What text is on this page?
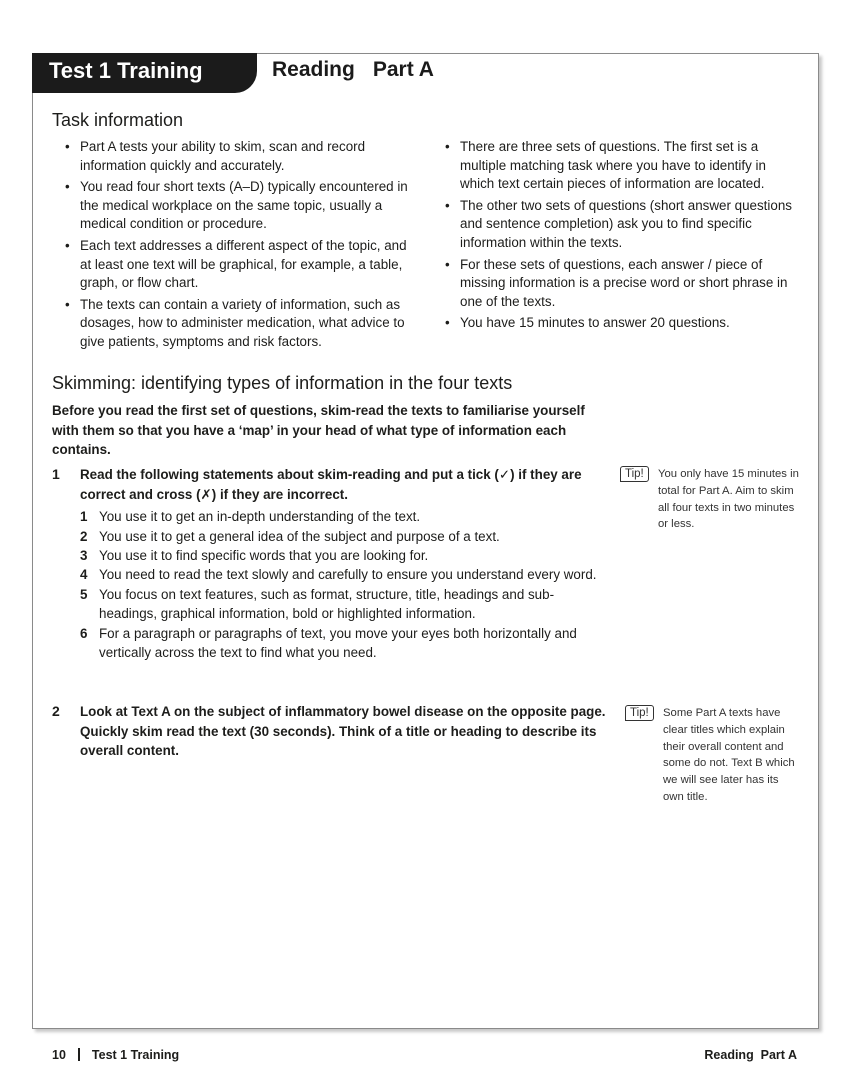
Test 1 Training	Reading Part A
Task information
• Part A tests your ability to skim, scan and record information quickly and accurately.
• You read four short texts (A–D) typically encountered in the medical workplace on the same topic, usually a medical condition or procedure.
• Each text addresses a different aspect of the topic, and at least one text will be graphical, for example, a table, graph, or flow chart.
• The texts can contain a variety of information, such as dosages, how to administer medication, what advice to give patients, symptoms and risk factors.
• There are three sets of questions. The first set is a multiple matching task where you have to identify in which text certain pieces of information are located.
• The other two sets of questions (short answer questions and sentence completion) ask you to find specific information within the texts.
• For these sets of questions, each answer / piece of missing information is a precise word or short phrase in one of the texts.
• You have 15 minutes to answer 20 questions.
Skimming: identifying types of information in the four texts
Before you read the first set of questions, skim-read the texts to familiarise yourself with them so that you have a ‘map’ in your head of what type of information each contains.
1 Read the following statements about skim-reading and put a tick (✓) if they are correct and cross (✗) if they are incorrect.
1 You use it to get an in-depth understanding of the text.
2 You use it to get a general idea of the subject and purpose of a text.
3 You use it to find specific words that you are looking for.
4 You need to read the text slowly and carefully to ensure you understand every word.
5 You focus on text features, such as format, structure, title, headings and sub-headings, graphical information, bold or highlighted information.
6 For a paragraph or paragraphs of text, you move your eyes both horizontally and vertically across the text to find what you need.
2 Look at Text A on the subject of inflammatory bowel disease on the opposite page. Quickly skim read the text (30 seconds). Think of a title or heading to describe its overall content.
Tip!	You only have 15 minutes in total for Part A. Aim to skim all four texts in two minutes or less.
Tip!	Some Part A texts have clear titles which explain their overall content and some do not. Text B which we will see later has its own title.
10 Test 1 Training	Reading  Part A
